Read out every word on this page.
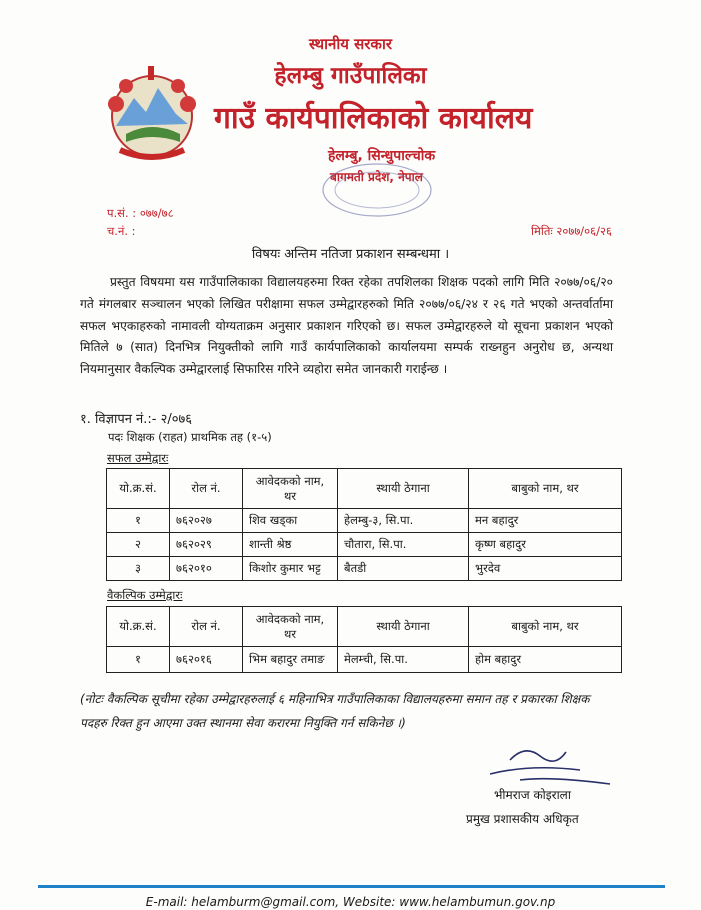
स्थानीय सरकार
हेलम्बु गाउँपालिका
गाउँ कार्यपालिकाको कार्यालय
हेलम्बु, सिन्धुपाल्चोक
बागमती प्रदेश, नेपाल
प.सं. : ०७७/७८
च.नं. :	मितिः २०७७/०६/२६
विषयः अन्तिम नतिजा प्रकाशन सम्बन्धमा ।
प्रस्तुत विषयमा यस गाउँपालिकाका विद्यालयहरुमा रिक्त रहेका तपशिलका शिक्षक पदको लागि मिति २०७७/०६/२० गते मंगलबार सञ्चालन भएको लिखित परीक्षामा सफल उम्मेद्वारहरुको मिति २०७७/०६/२४ र २६ गते भएको अन्तर्वार्तामा सफल भएकाहरुको नामावली योग्यताक्रम अनुसार प्रकाशन गरिएको छ। सफल उम्मेद्वारहरुले यो सूचना प्रकाशन भएको मितिले ७ (सात) दिनभित्र नियुक्तीको लागि गाउँ कार्यपालिकाको कार्यालयमा सम्पर्क राख्नहुन अनुरोध छ, अन्यथा नियमानुसार वैकल्पिक उम्मेद्वारलाई सिफारिस गरिने व्यहोरा समेत जानकारी गराईन्छ ।
१. विज्ञापन नं.:- २/०७६
पदः शिक्षक (राहत) प्राथमिक तह (१-५)
सफल उम्मेद्वारः
यो.क्र.सं.	रोल नं.	आवेदकको नाम, थर	स्थायी ठेगाना	बाबुको नाम, थर
१	७६२०२७	शिव खड्का	हेलम्बु-३, सि.पा.	मन बहादुर
२	७६२०२९	शान्ती श्रेष्ठ	चौतारा, सि.पा.	कृष्ण बहादुर
३	७६२०१०	किशोर कुमार भट्ट	बैतडी	भुरदेव
वैकल्पिक उम्मेद्वारः
यो.क्र.सं.	रोल नं.	आवेदकको नाम, थर	स्थायी ठेगाना	बाबुको नाम, थर
१	७६२०१६	भिम बहादुर तमाङ	मेलम्ची, सि.पा.	होम बहादुर
(नोटः वैकल्पिक सूचीमा रहेका उम्मेद्वारहरुलाई ६ महिनाभित्र गाउँपालिकाका विद्यालयहरुमा समान तह र प्रकारका शिक्षक पदहरु रिक्त हुन आएमा उक्त स्थानमा सेवा करारमा नियुक्ति गर्न सकिनेछ ।)
भीमराज कोइराला
प्रमुख प्रशासकीय अधिकृत
E-mail: helamburm@gmail.com, Website: www.helambumun.gov.np
